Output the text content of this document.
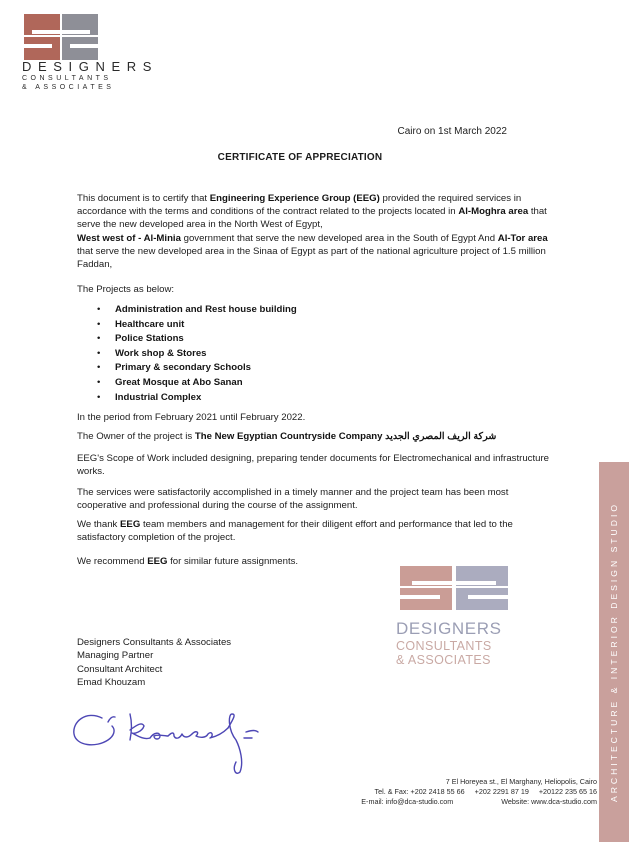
DESIGNERS
CONSULTANTS
& ASSOCIATES
Cairo on 1st March 2022
CERTIFICATE OF APPRECIATION
This document is to certify that Engineering Experience Group (EEG) provided the required services in accordance with the terms and conditions of the contract related to the projects located in Al-Moghra area that serve the new developed area in the North West of Egypt,
West west of - Al-Minia government that serve the new developed area in the South of Egypt And Al-Tor area that serve the new developed area in the Sinaa of Egypt as part of the national agriculture project of 1.5 million Faddan,
The Projects as below:
• Administration and Rest house building
• Healthcare unit
• Police Stations
• Work shop & Stores
• Primary & secondary Schools
• Great Mosque at Abo Sanan
• Industrial Complex
In the period from February 2021 until February 2022.
The Owner of the project is The New Egyptian Countryside Company شركة الريف المصري الجديد
EEG's Scope of Work included designing, preparing tender documents for Electromechanical and infrastructure works.
The services were satisfactorily accomplished in a timely manner and the project team has been most cooperative and professional during the course of the assignment.
We thank EEG team members and management for their diligent effort and performance that led to the satisfactory completion of the project.
We recommend EEG for similar future assignments.
DESIGNERS
CONSULTANTS
& ASSOCIATES
Designers Consultants & Associates
Managing Partner
Consultant Architect
Emad Khouzam
7 El Horeyea st., El Marghany, Heliopolis, Cairo
Tel. & Fax: +202 2418 55 66 +202 2291 87 19 +20122 235 65 16
E-mail: info@dca-studio.com	Website: www.dca-studio.com ARCHITECTURE & INTERIOR DESIGN STUDIO
